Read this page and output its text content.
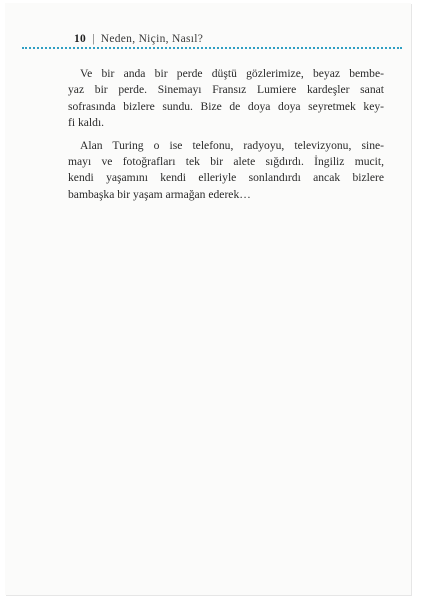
10 | Neden, Niçin, Nasıl?
Ve bir anda bir perde düştü gözlerimize, beyaz bembe-
yaz bir perde. Sinemayı Fransız Lumiere kardeşler sanat
sofrasında bizlere sundu. Bize de doya doya seyretmek key-
fi kaldı.
Alan Turing o ise telefonu, radyoyu, televizyonu, sine-
mayı ve fotoğrafları tek bir alete sığdırdı. İngiliz mucit,
kendi yaşamını kendi elleriyle sonlandırdı ancak bizlere
bambaşka bir yaşam armağan ederek…
